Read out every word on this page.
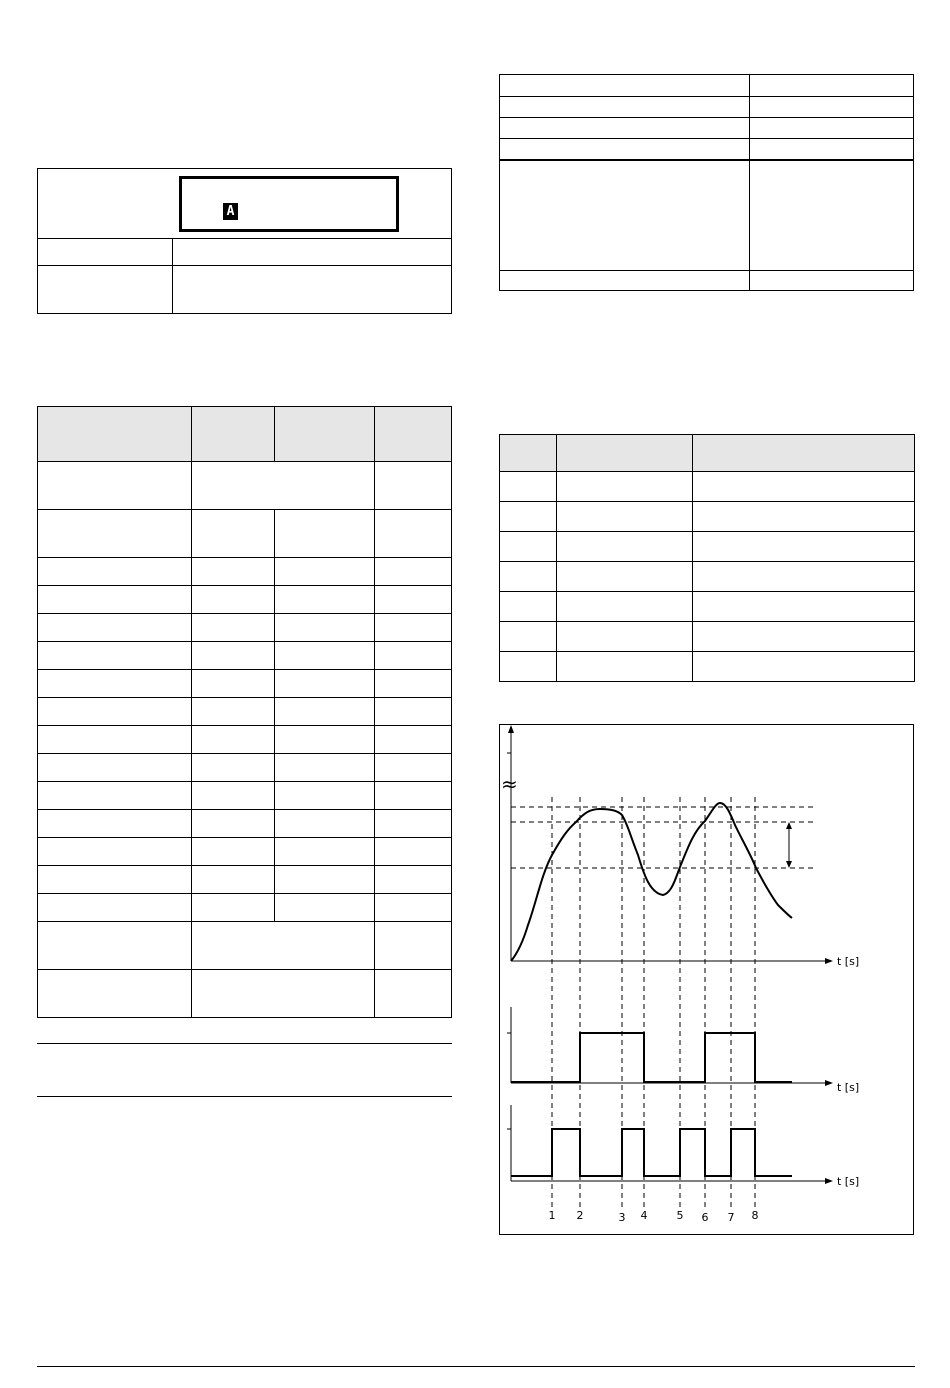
A

≈
t [s]
t [s]
t [s]
1 2	3 4	5 6 7 8
